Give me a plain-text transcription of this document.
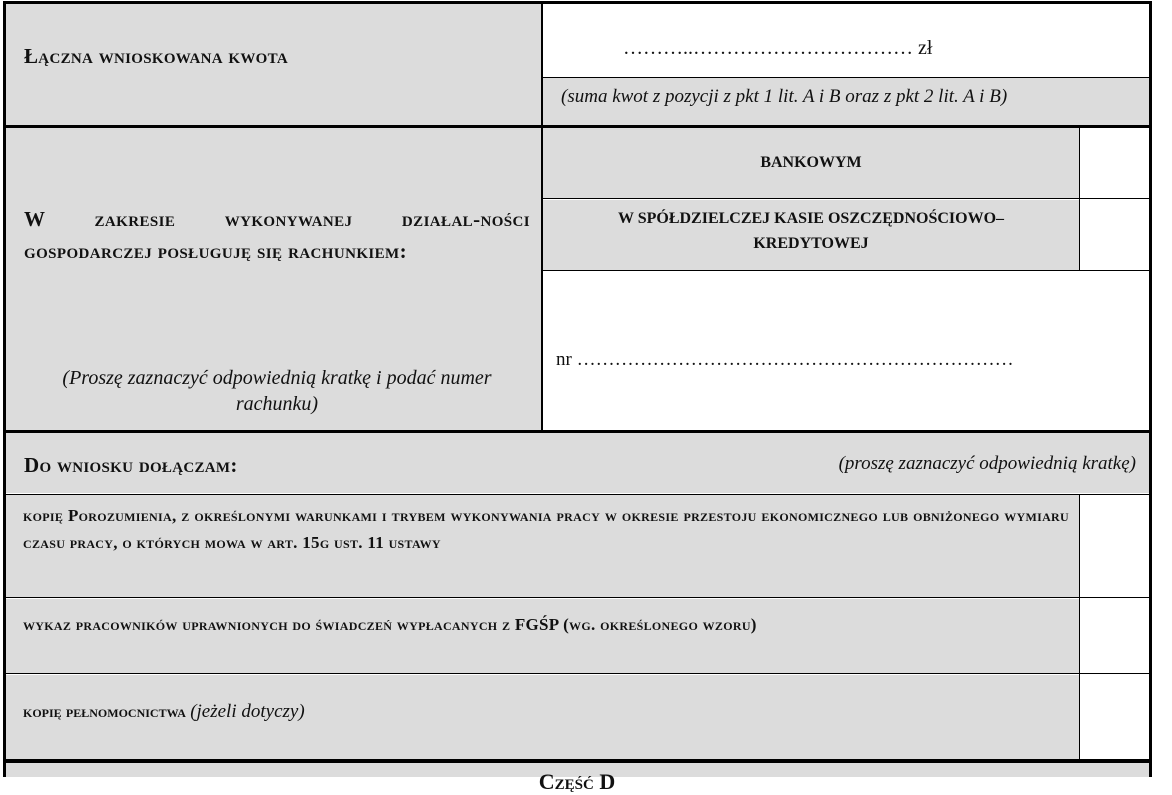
Łączna wnioskowana kwota	………..…………………………… zł
(suma kwot z pozycji z pkt 1 lit. A i B oraz z pkt 2 lit. A i B)
W zakresie wykonywanej działal-ności gospodarczej posługuję się rachunkiem:
(Proszę zaznaczyć odpowiednią kratkę i podać numer rachunku)
BANKOWYM
W SPÓŁDZIELCZEJ KASIE OSZCZĘDNOŚCIOWO–KREDYTOWEJ
nr ……………………………………………………………
Do wniosku dołączam:	(proszę zaznaczyć odpowiednią kratkę)
kopię Porozumienia, z określonymi warunkami i trybem wykonywania pracy w okresie przestoju ekonomicznego lub obniżonego wymiaru czasu pracy, o których mowa w art. 15g ust. 11 ustawy
wykaz pracowników uprawnionych do świadczeń wypłacanych z FGŚP (wg. określonego wzoru)
kopię pełnomocnictwa (jeżeli dotyczy)
Część D
